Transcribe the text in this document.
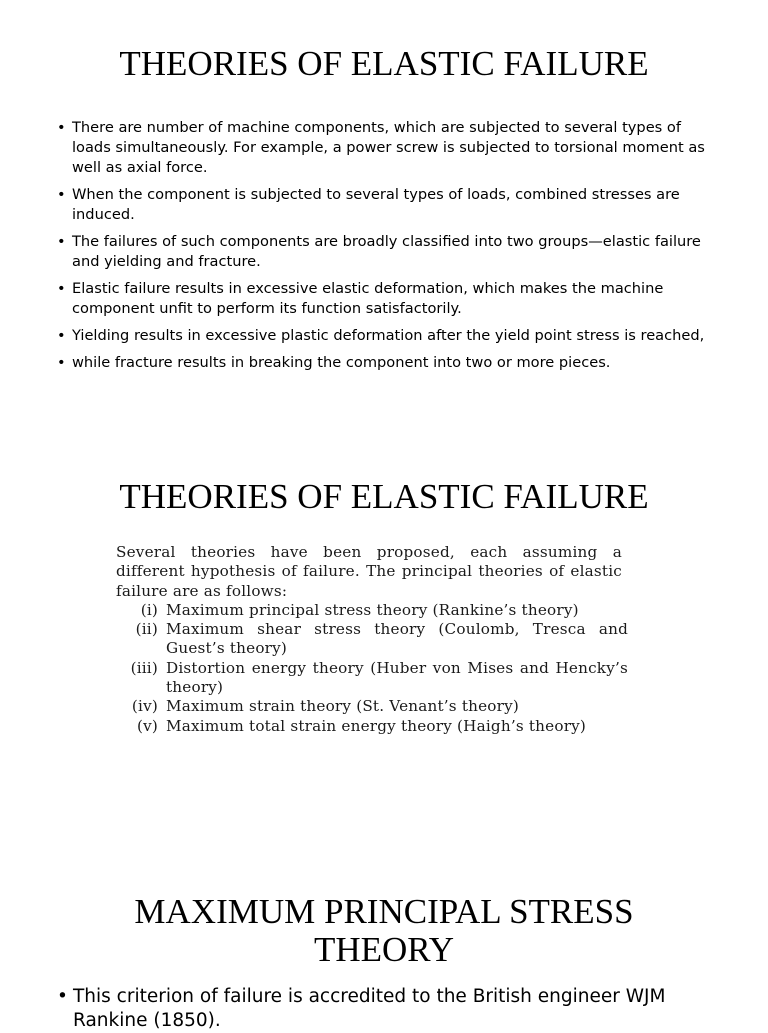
THEORIES OF ELASTIC FAILURE
• There are number of machine components, which are subjected to several types of loads simultaneously. For example, a power screw is subjected to torsional moment as well as axial force.
• When the component is subjected to several types of loads, combined stresses are induced.
• The failures of such components are broadly classified into two groups—elastic failure and yielding and fracture.
• Elastic failure results in excessive elastic deformation, which makes the machine component unfit to perform its function satisfactorily.
• Yielding results in excessive plastic deformation after the yield point stress is reached,
• while fracture results in breaking the component into two or more pieces.
THEORIES OF ELASTIC FAILURE

Several theories have been proposed, each assuming a different hypothesis of failure. The principal theories of elastic failure are as follows:

(i) Maximum principal stress theory (Rankine’s theory)
(ii) Maximum shear stress theory (Coulomb, Tresca and Guest’s theory)
(iii) Distortion energy theory (Huber von Mises and Hencky’s theory)
(iv) Maximum strain theory (St. Venant’s theory)
(v) Maximum total strain energy theory (Haigh’s theory)
MAXIMUM PRINCIPAL STRESS
THEORY
• This criterion of failure is accredited to the British engineer WJM Rankine (1850).
